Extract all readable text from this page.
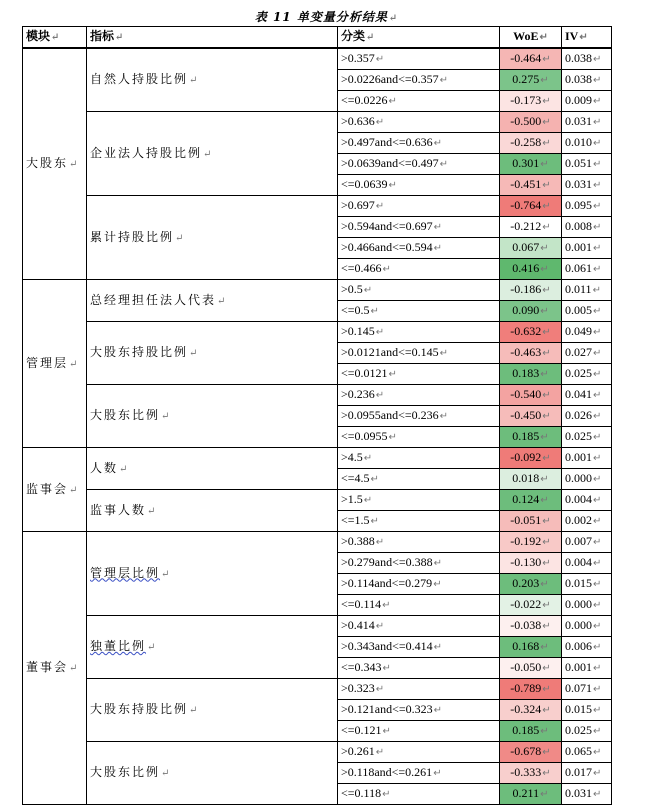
表 11 单变量分析结果↵
模块↵	指标↵	分类↵	WoE↵	IV↵
大股东↵	自然人持股比例↵	>0.357↵	-0.464↵	0.038↵
		>0.0226and<=0.357↵	0.275↵	0.038↵
		<=0.0226↵	-0.173↵	0.009↵
	企业法人持股比例↵	>0.636↵	-0.500↵	0.031↵
		>0.497and<=0.636↵	-0.258↵	0.010↵
		>0.0639and<=0.497↵	0.301↵	0.051↵
		<=0.0639↵	-0.451↵	0.031↵
	累计持股比例↵	>0.697↵	-0.764↵	0.095↵
		>0.594and<=0.697↵	-0.212↵	0.008↵
		>0.466and<=0.594↵	0.067↵	0.001↵
		<=0.466↵	0.416↵	0.061↵
管理层↵	总经理担任法人代表↵	>0.5↵	-0.186↵	0.011↵
		<=0.5↵	0.090↵	0.005↵
	大股东持股比例↵	>0.145↵	-0.632↵	0.049↵
		>0.0121and<=0.145↵	-0.463↵	0.027↵
		<=0.0121↵	0.183↵	0.025↵
	大股东比例↵	>0.236↵	-0.540↵	0.041↵
		>0.0955and<=0.236↵	-0.450↵	0.026↵
		<=0.0955↵	0.185↵	0.025↵
监事会↵	人数↵	>4.5↵	-0.092↵	0.001↵
		<=4.5↵	0.018↵	0.000↵
	监事人数↵	>1.5↵	0.124↵	0.004↵
		<=1.5↵	-0.051↵	0.002↵
董事会↵	管理层比例↵	>0.388↵	-0.192↵	0.007↵
		>0.279and<=0.388↵	-0.130↵	0.004↵
		>0.114and<=0.279↵	0.203↵	0.015↵
		<=0.114↵	-0.022↵	0.000↵
	独董比例↵	>0.414↵	-0.038↵	0.000↵
		>0.343and<=0.414↵	0.168↵	0.006↵
		<=0.343↵	-0.050↵	0.001↵
	大股东持股比例↵	>0.323↵	-0.789↵	0.071↵
		>0.121and<=0.323↵	-0.324↵	0.015↵
		<=0.121↵	0.185↵	0.025↵
	大股东比例↵	>0.261↵	-0.678↵	0.065↵
		>0.118and<=0.261↵	-0.333↵	0.017↵
		<=0.118↵	0.211↵	0.031↵
